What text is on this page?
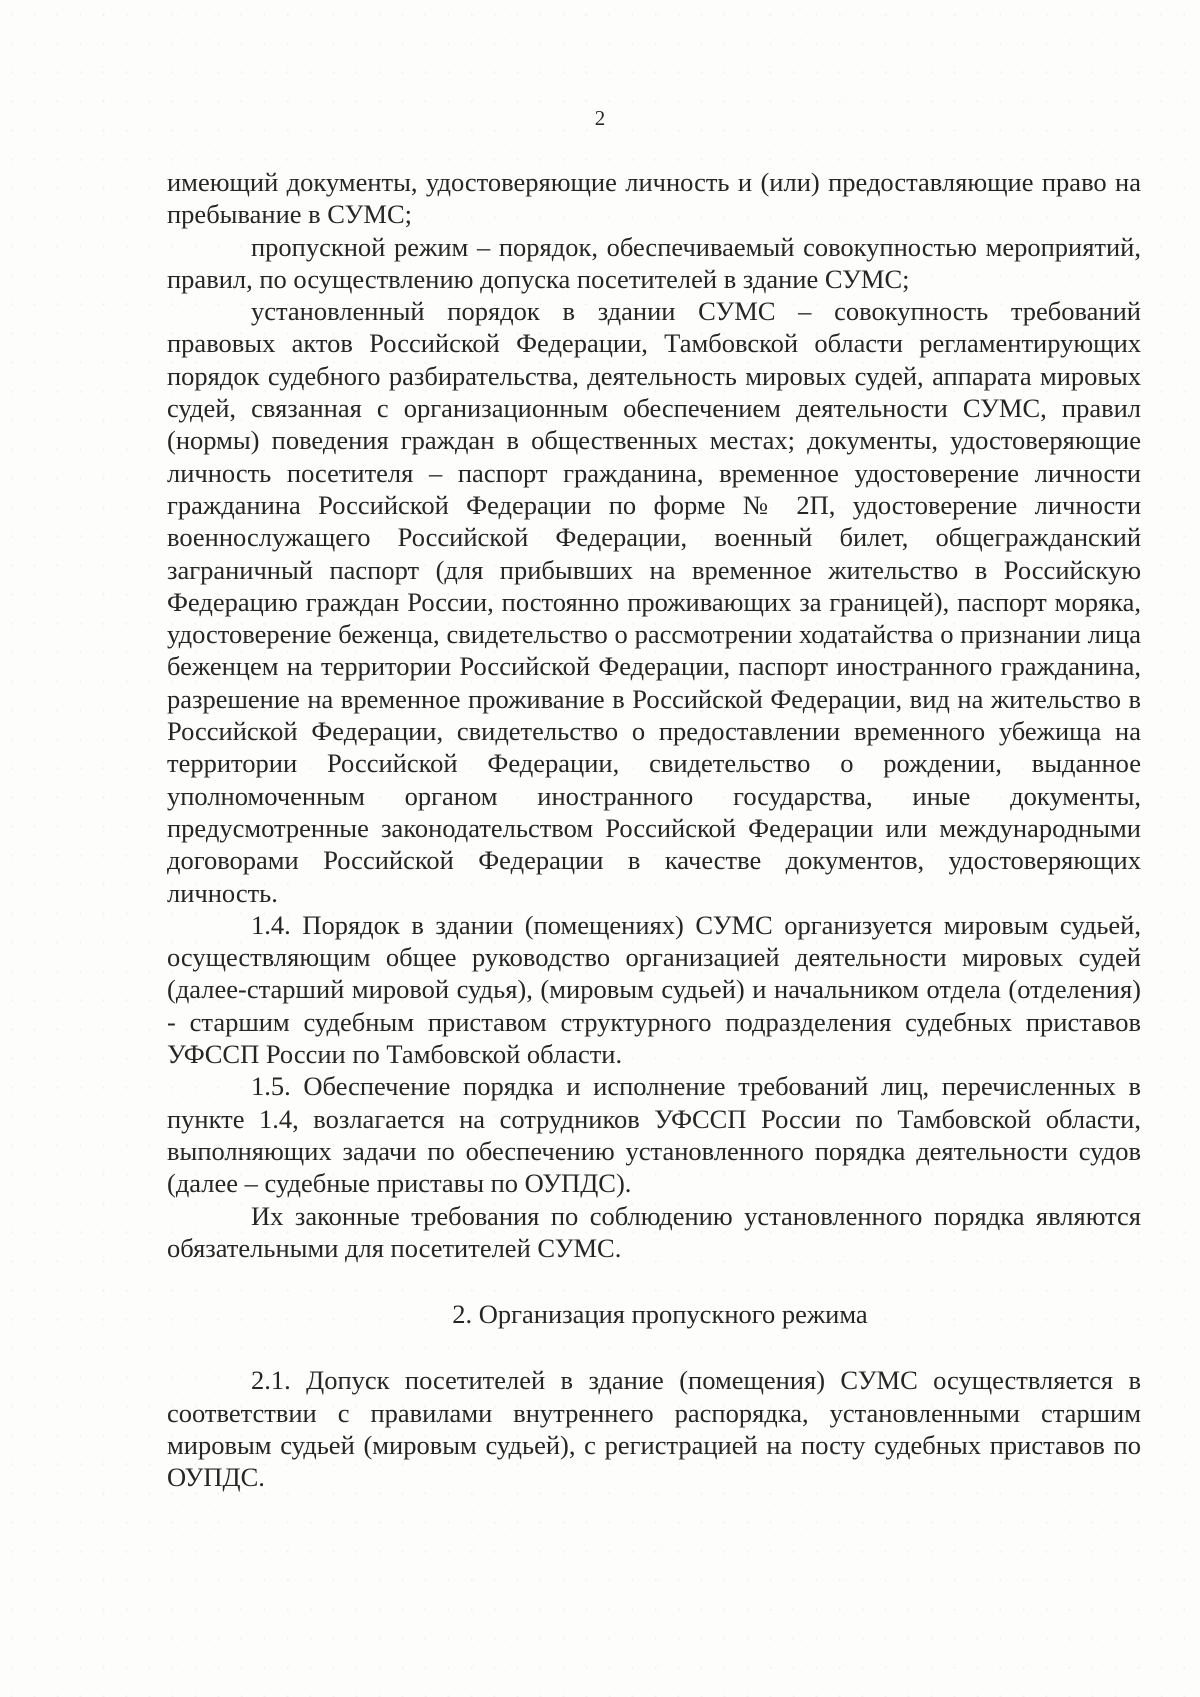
2

имеющий документы, удостоверяющие личность и (или) предоставляющие право на пребывание в СУМС;

пропускной режим – порядок, обеспечиваемый совокупностью мероприятий, правил, по осуществлению допуска посетителей в здание СУМС;

установленный порядок в здании СУМС – совокупность требований правовых актов Российской Федерации, Тамбовской области регламентирующих порядок судебного разбирательства, деятельность мировых судей, аппарата мировых судей, связанная с организационным обеспечением деятельности СУМС, правил (нормы) поведения граждан в общественных местах; документы, удостоверяющие личность посетителя – паспорт гражданина, временное удостоверение личности гражданина Российской Федерации по форме № 2П, удостоверение личности военнослужащего Российской Федерации, военный билет, общегражданский заграничный паспорт (для прибывших на временное жительство в Российскую Федерацию граждан России, постоянно проживающих за границей), паспорт моряка, удостоверение беженца, свидетельство о рассмотрении ходатайства о признании лица беженцем на территории Российской Федерации, паспорт иностранного гражданина, разрешение на временное проживание в Российской Федерации, вид на жительство в Российской Федерации, свидетельство о предоставлении временного убежища на территории Российской Федерации, свидетельство о рождении, выданное уполномоченным органом иностранного государства, иные документы, предусмотренные законодательством Российской Федерации или международными договорами Российской Федерации в качестве документов, удостоверяющих личность.

1.4. Порядок в здании (помещениях) СУМС организуется мировым судьей, осуществляющим общее руководство организацией деятельности мировых судей (далее-старший мировой судья), (мировым судьей) и начальником отдела (отделения) - старшим судебным приставом структурного подразделения судебных приставов УФССП России по Тамбовской области.

1.5. Обеспечение порядка и исполнение требований лиц, перечисленных в пункте 1.4, возлагается на сотрудников УФССП России по Тамбовской области, выполняющих задачи по обеспечению установленного порядка деятельности судов (далее – судебные приставы по ОУПДС).

Их законные требования по соблюдению установленного порядка являются обязательными для посетителей СУМС.

2. Организация пропускного режима

2.1. Допуск посетителей в здание (помещения) СУМС осуществляется в соответствии с правилами внутреннего распорядка, установленными старшим мировым судьей (мировым судьей), с регистрацией на посту судебных приставов по ОУПДС.
